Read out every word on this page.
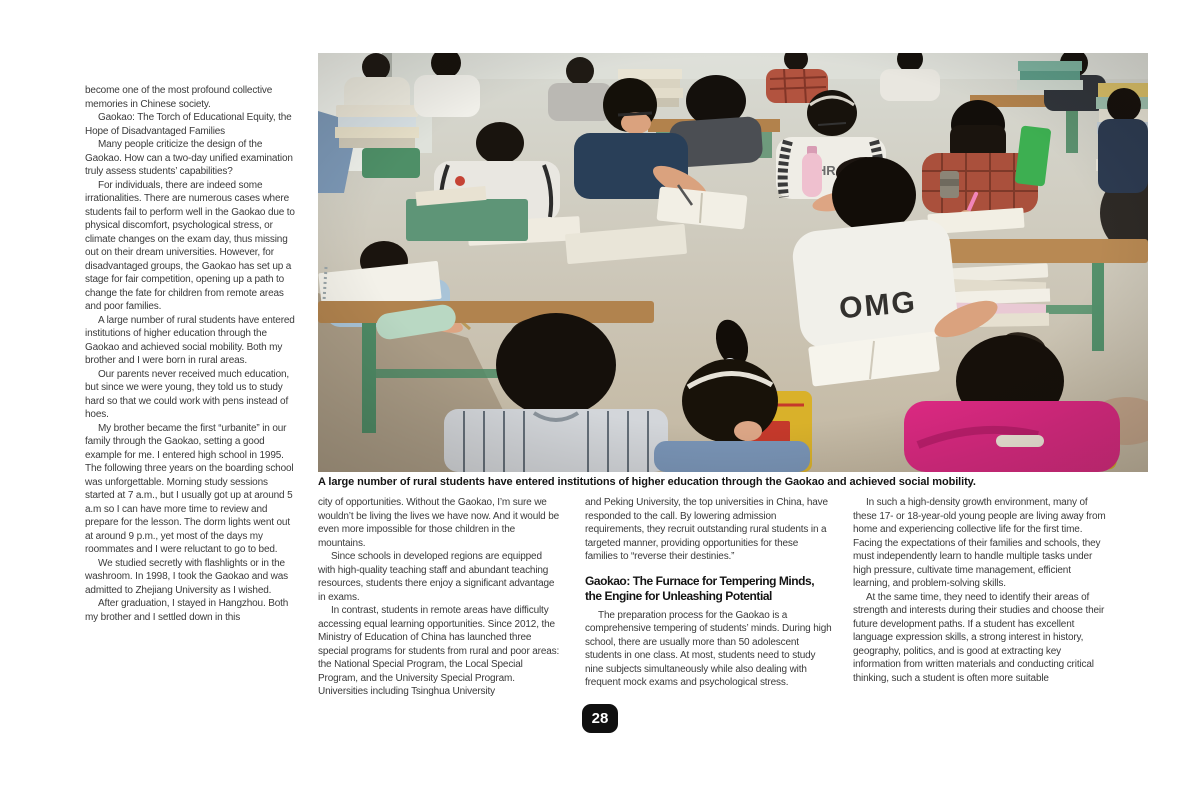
become one of the most profound collective memories in Chinese society.

Gaokao: The Torch of Educational Equity, the Hope of Disadvantaged Families

Many people criticize the design of the Gaokao. How can a two-day unified examination truly assess students’ capabilities?

For individuals, there are indeed some irrationalities. There are numerous cases where students fail to perform well in the Gaokao due to physical discomfort, psychological stress, or climate changes on the exam day, thus missing out on their dream universities. However, for disadvantaged groups, the Gaokao has set up a stage for fair competition, opening up a path to change the fate for children from remote areas and poor families.

A large number of rural students have entered institutions of higher education through the Gaokao and achieved social mobility. Both my brother and I were born in rural areas.

Our parents never received much education, but since we were young, they told us to study hard so that we could work with pens instead of hoes.

My brother became the first “urbanite” in our family through the Gaokao, setting a good example for me. I entered high school in 1995. The following three years on the boarding school was unforgettable. Morning study sessions started at 7 a.m., but I usually got up at around 5 a.m so I can have more time to review and prepare for the lesson. The dorm lights went out at around 9 p.m., yet most of the days my roommates and I were reluctant to go to bed.

We studied secretly with flashlights or in the washroom. In 1998, I took the Gaokao and was admitted to Zhejiang University as I wished.

After graduation, I stayed in Hangzhou. Both my brother and I settled down in this

A large number of rural students have entered institutions of higher education through the Gaokao and achieved social mobility.

city of opportunities. Without the Gaokao, I’m sure we wouldn’t be living the lives we have now. And it would be even more impossible for those children in the mountains.

Since schools in developed regions are equipped with high-quality teaching staff and abundant teaching resources, students there enjoy a significant advantage in exams.

In contrast, students in remote areas have difficulty accessing equal learning opportunities. Since 2012, the Ministry of Education of China has launched three special programs for students from rural and poor areas: the National Special Program, the Local Special Program, and the University Special Program. Universities including Tsinghua University

and Peking University, the top universities in China, have responded to the call. By lowering admission requirements, they recruit outstanding rural students in a targeted manner, providing opportunities for these families to “reverse their destinies.”

Gaokao: The Furnace for Tempering Minds,
the Engine for Unleashing Potential

The preparation process for the Gaokao is a comprehensive tempering of students’ minds. During high school, there are usually more than 50 adolescent students in one class. At most, students need to study nine subjects simultaneously while also dealing with frequent mock exams and psychological stress.

In such a high-density growth environment, many of these 17- or 18-year-old young people are living away from home and experiencing collective life for the first time. Facing the expectations of their families and schools, they must independently learn to handle multiple tasks under high pressure, cultivate time management, efficient learning, and problem-solving skills.

At the same time, they need to identify their areas of strength and interests during their studies and choose their future development paths. If a student has excellent language expression skills, a strong interest in history, geography, politics, and is good at extracting key information from written materials and conducting critical thinking, such a student is often more suitable

28
